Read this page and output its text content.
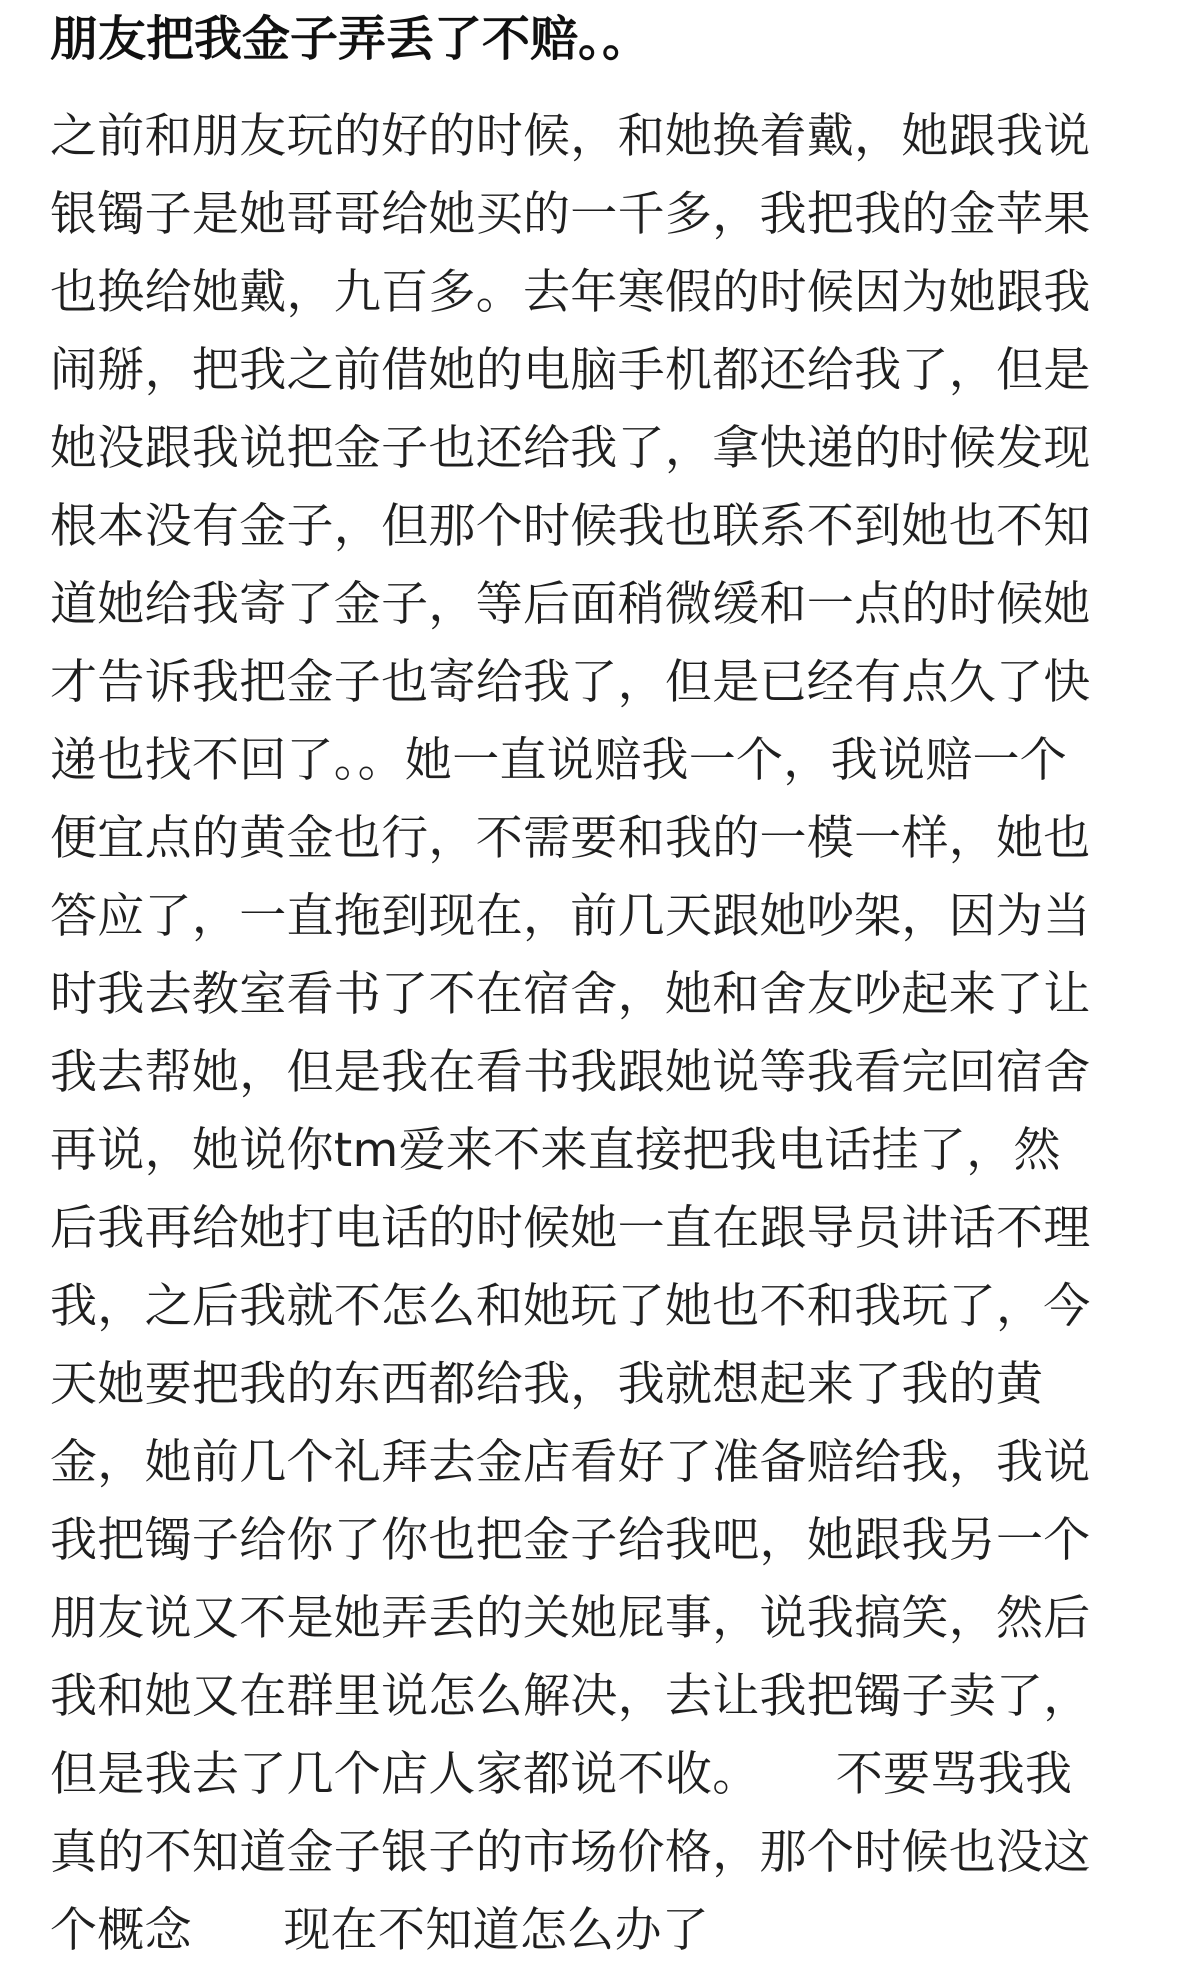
朋友把我金子弄丢了不赔。。
之前和朋友玩的好的时候，和她换着戴，她跟我说
银镯子是她哥哥给她买的一千多，我把我的金苹果
也换给她戴，九百多。去年寒假的时候因为她跟我
闹掰，把我之前借她的电脑手机都还给我了，但是
她没跟我说把金子也还给我了，拿快递的时候发现
根本没有金子，但那个时候我也联系不到她也不知
道她给我寄了金子，等后面稍微缓和一点的时候她
才告诉我把金子也寄给我了，但是已经有点久了快
递也找不回了。。她一直说赔我一个，我说赔一个
便宜点的黄金也行，不需要和我的一模一样，她也
答应了，一直拖到现在，前几天跟她吵架，因为当
时我去教室看书了不在宿舍，她和舍友吵起来了让
我去帮她，但是我在看书我跟她说等我看完回宿舍
再说，她说你tm爱来不来直接把我电话挂了，然
后我再给她打电话的时候她一直在跟导员讲话不理
我，之后我就不怎么和她玩了她也不和我玩了，今
天她要把我的东西都给我，我就想起来了我的黄
金，她前几个礼拜去金店看好了准备赔给我，我说
我把镯子给你了你也把金子给我吧，她跟我另一个
朋友说又不是她弄丢的关她屁事，说我搞笑，然后
我和她又在群里说怎么解决，去让我把镯子卖了，
但是我去了几个店人家都说不收。     不要骂我我
真的不知道金子银子的市场价格，那个时候也没这
个概念      现在不知道怎么办了
